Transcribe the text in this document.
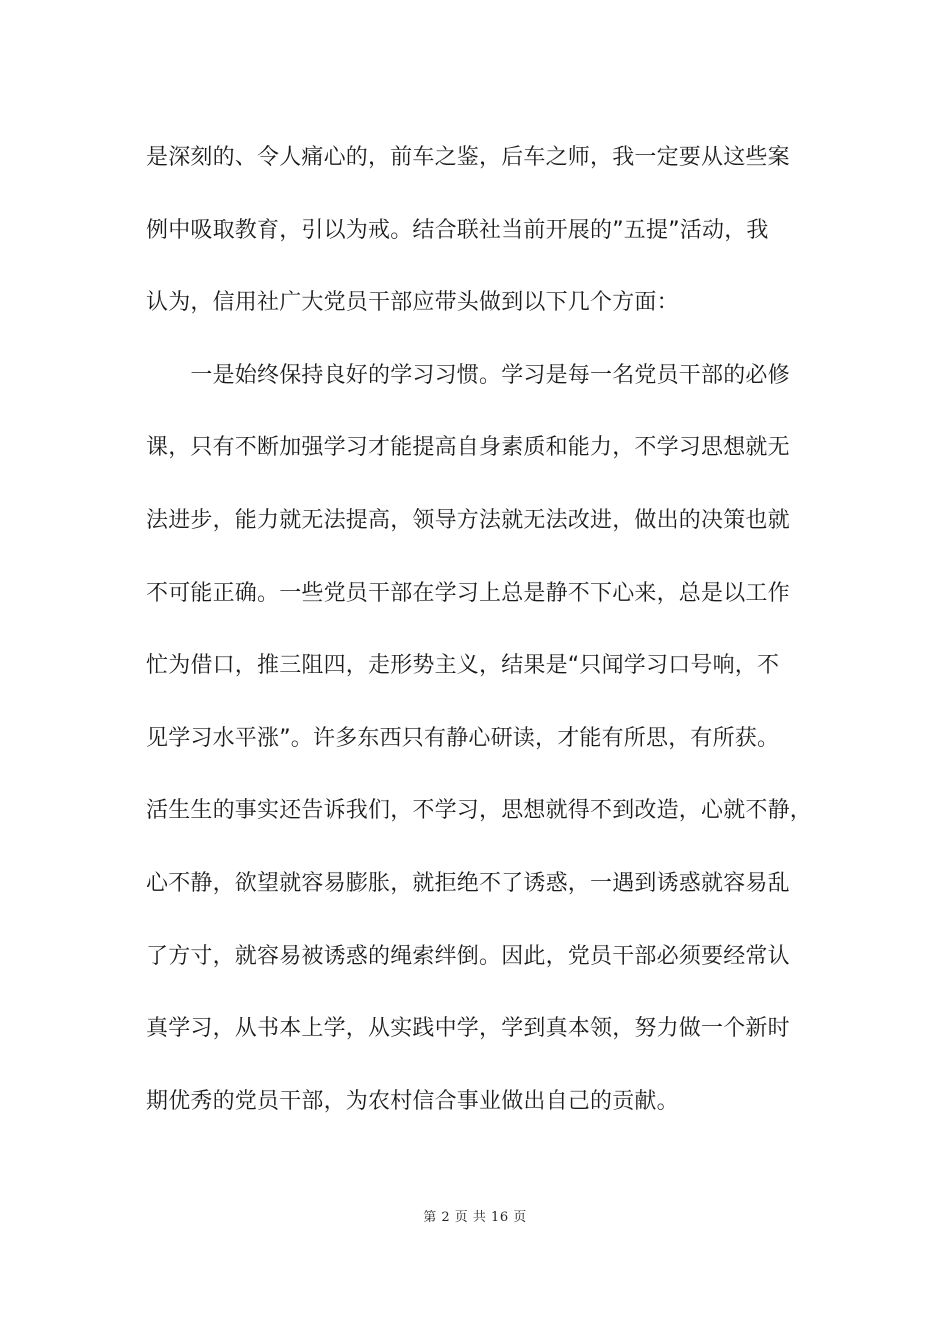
是深刻的、令人痛心的，前车之鉴，后车之师，我一定要从这些案
例中吸取教育，引以为戒。结合联社当前开展的”五提”活动，我
认为，信用社广大党员干部应带头做到以下几个方面：
　　一是始终保持良好的学习习惯。学习是每一名党员干部的必修
课，只有不断加强学习才能提高自身素质和能力，不学习思想就无
法进步，能力就无法提高，领导方法就无法改进，做出的决策也就
不可能正确。一些党员干部在学习上总是静不下心来，总是以工作
忙为借口，推三阻四，走形势主义，结果是“只闻学习口号响，不
见学习水平涨”。许多东西只有静心研读，才能有所思，有所获。
活生生的事实还告诉我们，不学习，思想就得不到改造，心就不静，
心不静，欲望就容易膨胀，就拒绝不了诱惑，一遇到诱惑就容易乱
了方寸，就容易被诱惑的绳索绊倒。因此，党员干部必须要经常认
真学习，从书本上学，从实践中学，学到真本领，努力做一个新时
期优秀的党员干部，为农村信合事业做出自己的贡献。
第 2 页 共 16 页
